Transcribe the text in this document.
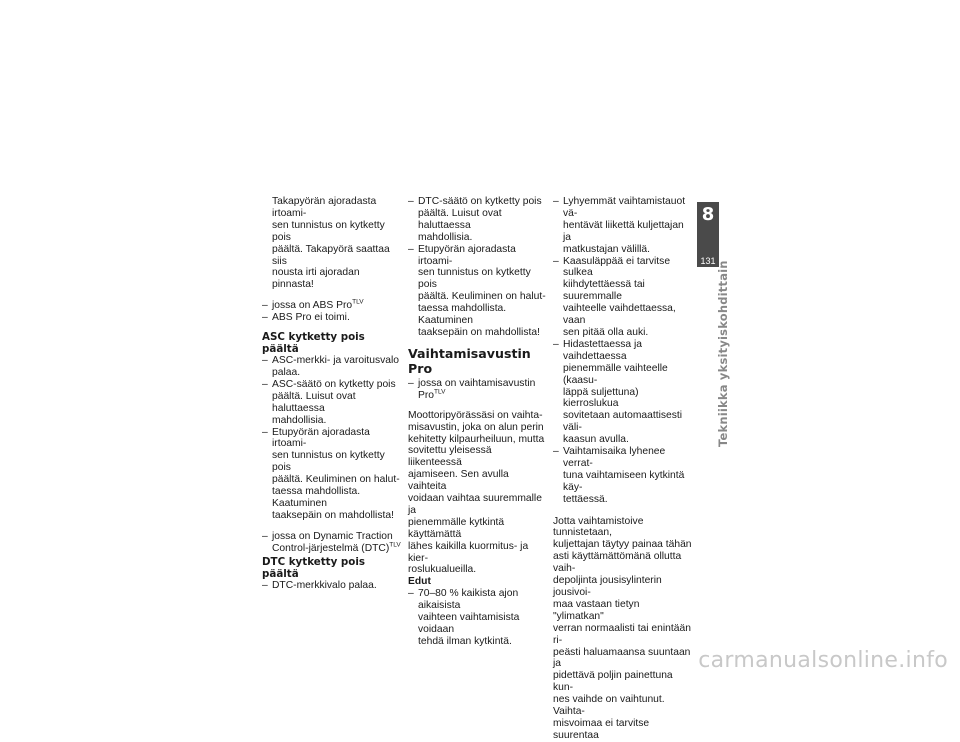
Takapyörän ajoradasta irtoami-
sen tunnistus on kytketty pois
päältä. Takapyörä saattaa siis
nousta irti ajoradan pinnasta!
– jossa on ABS Pro$^{TLV}$
– ABS Pro ei toimi.
ASC kytketty pois päältä
– ASC-merkki- ja varoitusvalo
palaa.
– ASC-säätö on kytketty pois
päältä. Luisut ovat haluttaessa
mahdollisia.
– Etupyörän ajoradasta irtoami-
sen tunnistus on kytketty pois
päältä. Keuliminen on halut-
taessa mahdollista. Kaatuminen
taaksepäin on mahdollista!
– jossa on Dynamic Traction
Control-järjestelmä (DTC)$^{TLV}$
DTC kytketty pois päältä
– DTC-merkkivalo palaa.
– DTC-säätö on kytketty pois
päältä. Luisut ovat haluttaessa
mahdollisia.
– Etupyörän ajoradasta irtoami-
sen tunnistus on kytketty pois
päältä. Keuliminen on halut-
taessa mahdollista. Kaatuminen
taaksepäin on mahdollista!
Vaihtamisavustin Pro
– jossa on vaihtamisavustin
Pro$^{TLV}$
Moottoripyörässäsi on vaihta-
misavustin, joka on alun perin
kehitetty kilpaurheiluun, mutta
sovitettu yleisessä liikenteessä
ajamiseen. Sen avulla vaihteita
voidaan vaihtaa suuremmalle ja
pienemmälle kytkintä käyttämättä
lähes kaikilla kuormitus- ja kier-
roslukualueilla.
Edut
– 70–80 % kaikista ajon aikaisista
vaihteen vaihtamisista voidaan
tehdä ilman kytkintä.
– Lyhyemmät vaihtamistauot vä-
hentävät liikettä kuljettajan ja
matkustajan välillä.
– Kaasuläppää ei tarvitse sulkea
kiihdytettäessä tai suuremmalle
vaihteelle vaihdettaessa, vaan
sen pitää olla auki.
– Hidastettaessa ja vaihdettaessa
pienemmälle vaihteelle (kaasu-
läppä suljettuna) kierroslukua
sovitetaan automaattisesti väli-
kaasun avulla.
– Vaihtamisaika lyhenee verrat-
tuna vaihtamiseen kytkintä käy-
tettäessä.
Jotta vaihtamistoive tunnistetaan,
kuljettajan täytyy painaa tähän
asti käyttämättömänä ollutta vaih-
depoljinta jousisylinterin jousivoi-
maa vastaan tietyn "ylimatkan"
verran normaalisti tai enintään ri-
peästi haluamaansa suuntaan ja
pidettävä poljin painettuna kun-
nes vaihde on vaihtunut. Vaihta-
misvoimaa ei tarvitse suurentaa
8
131 Tekniikka yksityiskohdittain
carmanualsonline.info
